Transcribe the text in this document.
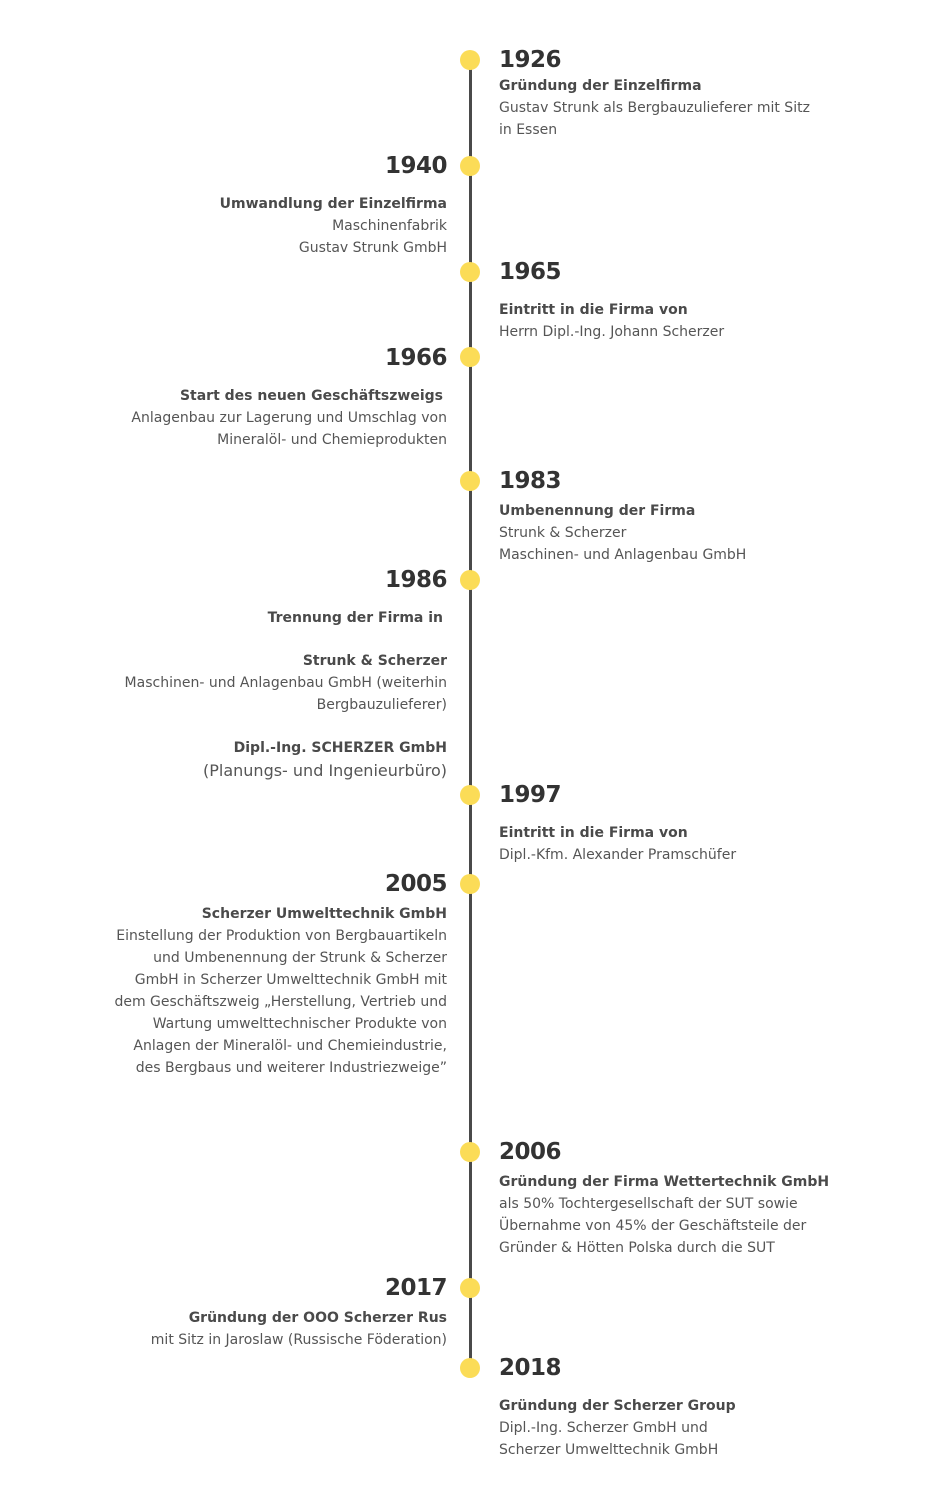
1926
Gründung der Einzelfirma
Gustav Strunk als Bergbauzulieferer mit Sitz
in Essen
1940
Umwandlung der Einzelfirma
Maschinenfabrik
Gustav Strunk GmbH
1965
Eintritt in die Firma von
Herrn Dipl.-Ing. Johann Scherzer
1966
Start des neuen Geschäftszweigs
Anlagenbau zur Lagerung und Umschlag von
Mineralöl- und Chemieprodukten
1983
Umbenennung der Firma
Strunk & Scherzer
Maschinen- und Anlagenbau GmbH
1986
Trennung der Firma in
Strunk & Scherzer
Maschinen- und Anlagenbau GmbH (weiterhin
Bergbauzulieferer)
Dipl.-Ing. SCHERZER GmbH
(Planungs- und Ingenieurbüro)
1997
Eintritt in die Firma von
Dipl.-Kfm. Alexander Pramschüfer
2005
Scherzer Umwelttechnik GmbH
Einstellung der Produktion von Bergbauartikeln
und Umbenennung der Strunk & Scherzer
GmbH in Scherzer Umwelttechnik GmbH mit
dem Geschäftszweig „Herstellung, Vertrieb und
Wartung umwelttechnischer Produkte von
Anlagen der Mineralöl- und Chemieindustrie,
des Bergbaus und weiterer Industriezweige”
2006
Gründung der Firma Wettertechnik GmbH
als 50% Tochtergesellschaft der SUT sowie
Übernahme von 45% der Geschäftsteile der
Gründer & Hötten Polska durch die SUT
2017
Gründung der OOO Scherzer Rus
mit Sitz in Jaroslaw (Russische Föderation)
2018
Gründung der Scherzer Group
Dipl.-Ing. Scherzer GmbH und
Scherzer Umwelttechnik GmbH
